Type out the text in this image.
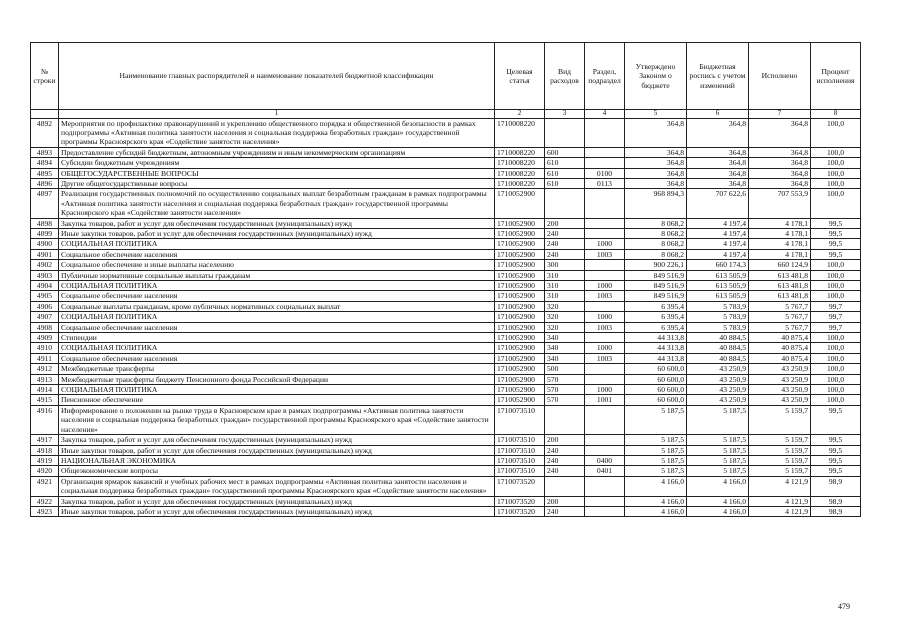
№ строки	Наименование главных распорядителей и наименование показателей бюджетной классификации	Целевая статья	Вид расходов	Раздел, подраздел	Утверждено Законом о бюджете	Бюджетная роспись с учетом изменений	Исполнено	Процент исполнения
	1	2	3	4	5	6	7	8
4892	Мероприятия по профилактике правонарушений и укреплению общественного порядка и общественной безопасности в рамках подпрограммы «Активная политика занятости населения и социальная поддержка безработных граждан» государственной программы Красноярского края «Содействие занятости населения»	1710008220			364,8	364,8	364,8	100,0
4893	Предоставление субсидий бюджетным, автономным учреждениям и иным некоммерческим организациям	1710008220	600		364,8	364,8	364,8	100,0
4894	Субсидии бюджетным учреждениям	1710008220	610		364,8	364,8	364,8	100,0
4895	ОБЩЕГОСУДАРСТВЕННЫЕ ВОПРОСЫ	1710008220	610	0100	364,8	364,8	364,8	100,0
4896	Другие общегосударственные вопросы	1710008220	610	0113	364,8	364,8	364,8	100,0
4897	Реализация государственных полномочий по осуществлению социальных выплат безработным гражданам в рамках подпрограммы «Активная политика занятости населения и социальная поддержка безработных граждан» государственной программы Красноярского края «Содействие занятости населения»	1710052900			968 894,3	707 622,6	707 553,9	100,0
4898	Закупка товаров, работ и услуг для обеспечения государственных (муниципальных) нужд	1710052900	200		8 068,2	4 197,4	4 178,1	99,5
4899	Иные закупки товаров, работ и услуг для обеспечения государственных (муниципальных) нужд	1710052900	240		8 068,2	4 197,4	4 178,1	99,5
4900	СОЦИАЛЬНАЯ ПОЛИТИКА	1710052900	240	1000	8 068,2	4 197,4	4 178,1	99,5
4901	Социальное обеспечение населения	1710052900	240	1003	8 068,2	4 197,4	4 178,1	99,5
4902	Социальное обеспечение и иные выплаты населению	1710052900	300		900 226,1	660 174,3	660 124,9	100,0
4903	Публичные нормативные социальные выплаты гражданам	1710052900	310		849 516,9	613 505,9	613 481,8	100,0
4904	СОЦИАЛЬНАЯ ПОЛИТИКА	1710052900	310	1000	849 516,9	613 505,9	613 481,8	100,0
4905	Социальное обеспечение населения	1710052900	310	1003	849 516,9	613 505,9	613 481,8	100,0
4906	Социальные выплаты гражданам, кроме публичных нормативных социальных выплат	1710052900	320		6 395,4	5 783,9	5 767,7	99,7
4907	СОЦИАЛЬНАЯ ПОЛИТИКА	1710052900	320	1000	6 395,4	5 783,9	5 767,7	99,7
4908	Социальное обеспечение населения	1710052900	320	1003	6 395,4	5 783,9	5 767,7	99,7
4909	Стипендии	1710052900	340		44 313,8	40 884,5	40 875,4	100,0
4910	СОЦИАЛЬНАЯ ПОЛИТИКА	1710052900	340	1000	44 313,8	40 884,5	40 875,4	100,0
4911	Социальное обеспечение населения	1710052900	340	1003	44 313,8	40 884,5	40 875,4	100,0
4912	Межбюджетные трансферты	1710052900	500		60 600,0	43 250,9	43 250,9	100,0
4913	Межбюджетные трансферты бюджету Пенсионного фонда Российской Федерации	1710052900	570		60 600,0	43 250,9	43 250,9	100,0
4914	СОЦИАЛЬНАЯ ПОЛИТИКА	1710052900	570	1000	60 600,0	43 250,9	43 250,9	100,0
4915	Пенсионное обеспечение	1710052900	570	1001	60 600,0	43 250,9	43 250,9	100,0
4916	Информирование о положении на рынке труда в Красноярском крае в рамках подпрограммы «Активная политика занятости населения и социальная поддержка безработных граждан» государственной программы Красноярского края «Содействие занятости населения»	1710073510			5 187,5	5 187,5	5 159,7	99,5
4917	Закупка товаров, работ и услуг для обеспечения государственных (муниципальных) нужд	1710073510	200		5 187,5	5 187,5	5 159,7	99,5
4918	Иные закупки товаров, работ и услуг для обеспечения государственных (муниципальных) нужд	1710073510	240		5 187,5	5 187,5	5 159,7	99,5
4919	НАЦИОНАЛЬНАЯ ЭКОНОМИКА	1710073510	240	0400	5 187,5	5 187,5	5 159,7	99,5
4920	Общеэкономические вопросы	1710073510	240	0401	5 187,5	5 187,5	5 159,7	99,5
4921	Организация ярмарок вакансий и учебных рабочих мест в рамках подпрограммы «Активная политика занятости населения и социальная поддержка безработных граждан» государственной программы Красноярского края «Содействие занятости населения»	1710073520			4 166,0	4 166,0	4 121,9	98,9
4922	Закупка товаров, работ и услуг для обеспечения государственных (муниципальных) нужд	1710073520	200		4 166,0	4 166,0	4 121,9	98,9
4923	Иные закупки товаров, работ и услуг для обеспечения государственных (муниципальных) нужд	1710073520	240		4 166,0	4 166,0	4 121,9	98,9
479
